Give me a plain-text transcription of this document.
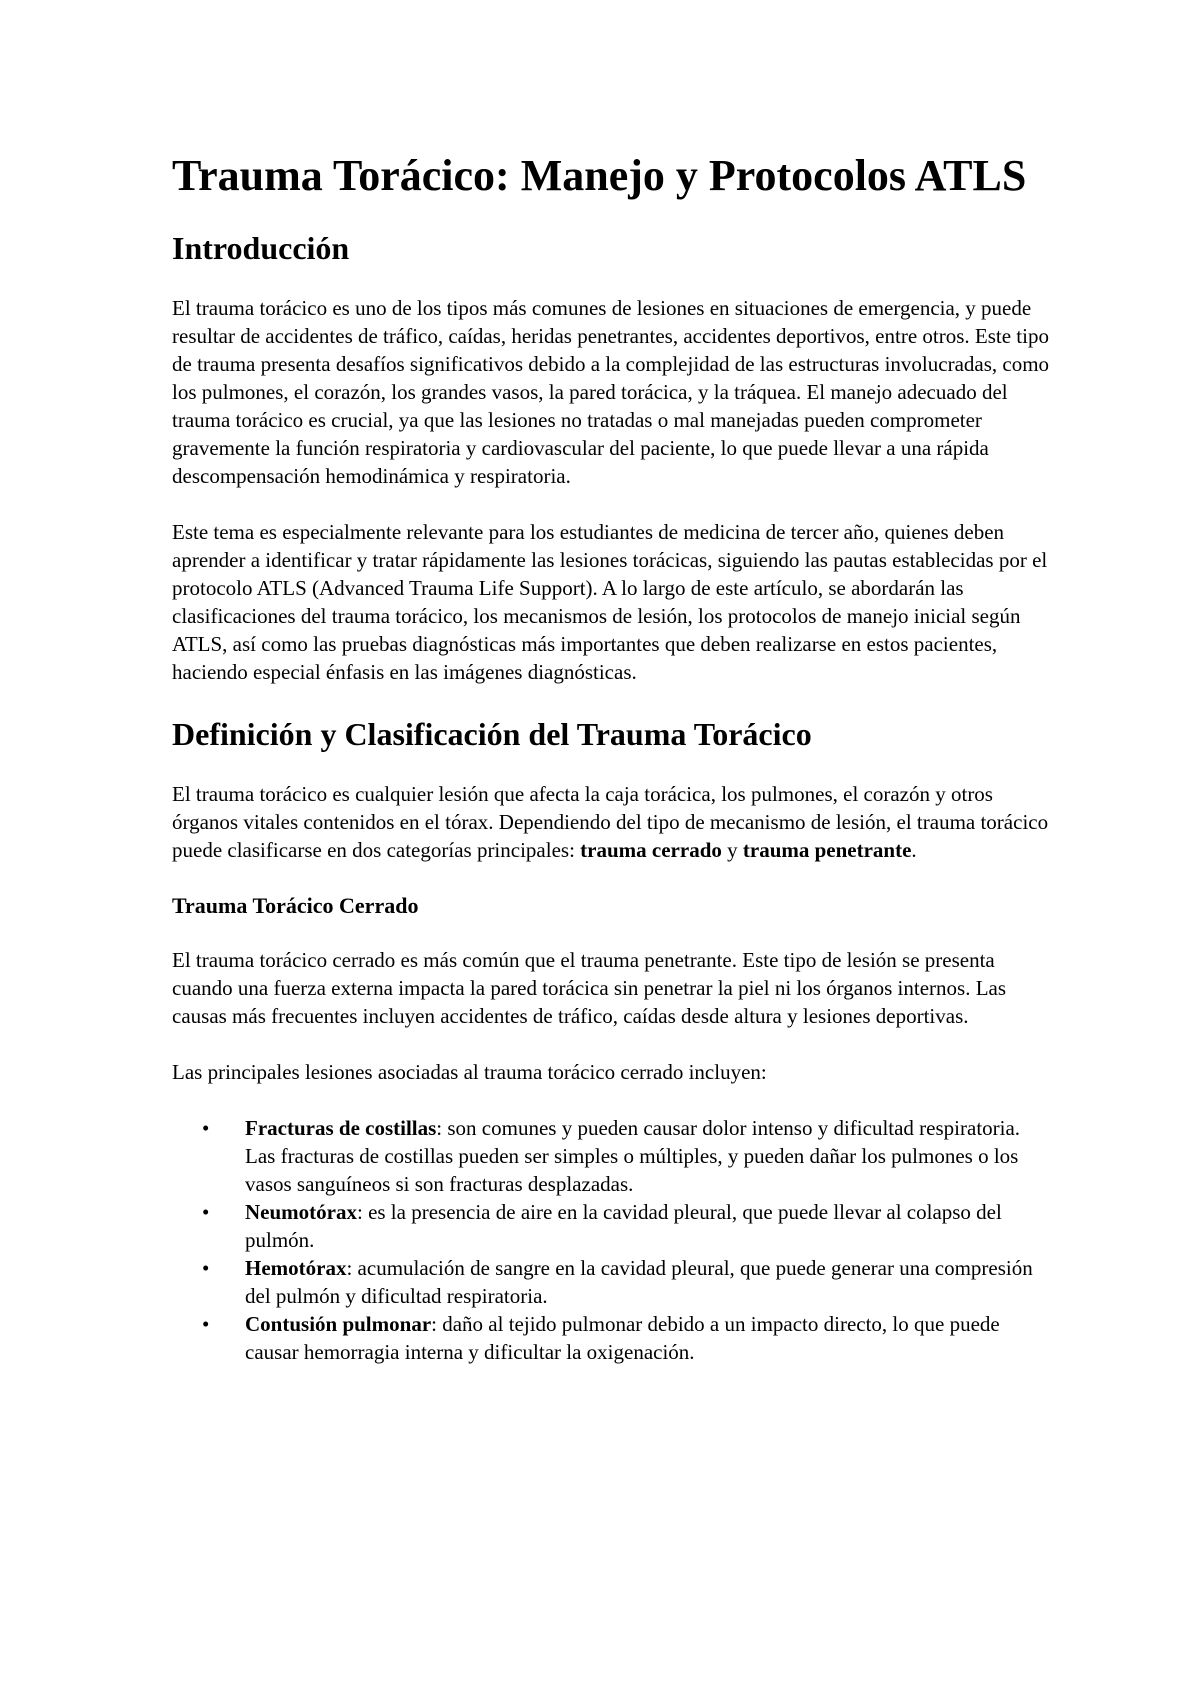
Trauma Torácico: Manejo y Protocolos ATLS
Introducción

El trauma torácico es uno de los tipos más comunes de lesiones en situaciones de emergencia, y puede resultar de accidentes de tráfico, caídas, heridas penetrantes, accidentes deportivos, entre otros. Este tipo de trauma presenta desafíos significativos debido a la complejidad de las estructuras involucradas, como los pulmones, el corazón, los grandes vasos, la pared torácica, y la tráquea. El manejo adecuado del trauma torácico es crucial, ya que las lesiones no tratadas o mal manejadas pueden comprometer gravemente la función respiratoria y cardiovascular del paciente, lo que puede llevar a una rápida descompensación hemodinámica y respiratoria.

Este tema es especialmente relevante para los estudiantes de medicina de tercer año, quienes deben aprender a identificar y tratar rápidamente las lesiones torácicas, siguiendo las pautas establecidas por el protocolo ATLS (Advanced Trauma Life Support). A lo largo de este artículo, se abordarán las clasificaciones del trauma torácico, los mecanismos de lesión, los protocolos de manejo inicial según ATLS, así como las pruebas diagnósticas más importantes que deben realizarse en estos pacientes, haciendo especial énfasis en las imágenes diagnósticas.

Definición y Clasificación del Trauma Torácico

El trauma torácico es cualquier lesión que afecta la caja torácica, los pulmones, el corazón y otros órganos vitales contenidos en el tórax. Dependiendo del tipo de mecanismo de lesión, el trauma torácico puede clasificarse en dos categorías principales: trauma cerrado y trauma penetrante.

Trauma Torácico Cerrado

El trauma torácico cerrado es más común que el trauma penetrante. Este tipo de lesión se presenta cuando una fuerza externa impacta la pared torácica sin penetrar la piel ni los órganos internos. Las causas más frecuentes incluyen accidentes de tráfico, caídas desde altura y lesiones deportivas.

Las principales lesiones asociadas al trauma torácico cerrado incluyen:

• Fracturas de costillas: son comunes y pueden causar dolor intenso y dificultad respiratoria. Las fracturas de costillas pueden ser simples o múltiples, y pueden dañar los pulmones o los vasos sanguíneos si son fracturas desplazadas.
• Neumotórax: es la presencia de aire en la cavidad pleural, que puede llevar al colapso del pulmón.
• Hemotórax: acumulación de sangre en la cavidad pleural, que puede generar una compresión del pulmón y dificultad respiratoria.
• Contusión pulmonar: daño al tejido pulmonar debido a un impacto directo, lo que puede causar hemorragia interna y dificultar la oxigenación.
